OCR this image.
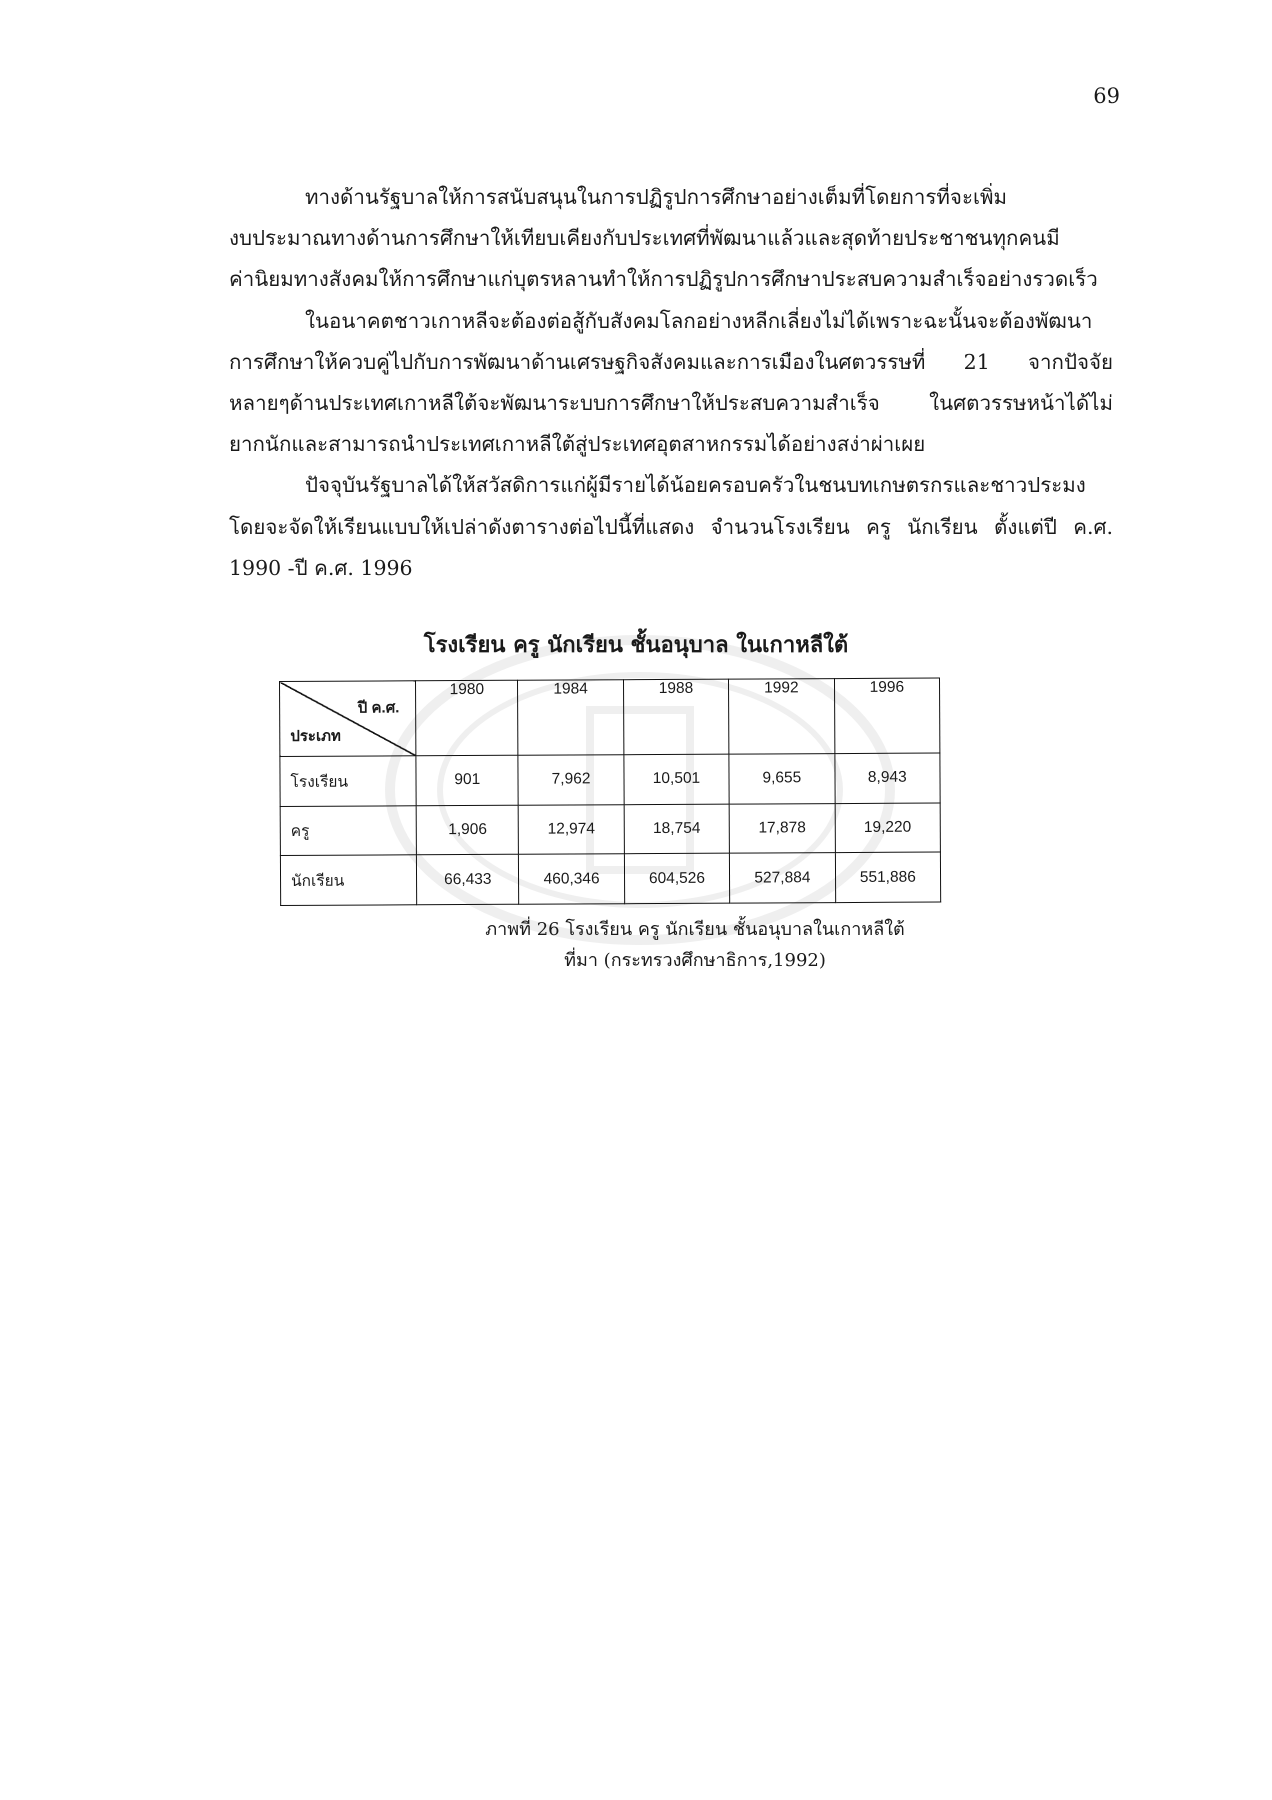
69

ทางด้านรัฐบาลให้การสนับสนุนในการปฏิรูปการศึกษาอย่างเต็มที่โดยการที่จะเพิ่ม

งบประมาณทางด้านการศึกษาให้เทียบเคียงกับประเทศที่พัฒนาแล้วและสุดท้ายประชาชนทุกคนมี

ค่านิยมทางสังคมให้การศึกษาแก่บุตรหลานทำให้การปฏิรูปการศึกษาประสบความสำเร็จอย่างรวดเร็ว

ในอนาคตชาวเกาหลีจะต้องต่อสู้กับสังคมโลกอย่างหลีกเลี่ยงไม่ได้เพราะฉะนั้นจะต้องพัฒนา

การศึกษาให้ควบคู่ไปกับการพัฒนาด้านเศรษฐกิจสังคมและการเมืองในศตวรรษที่ 21 จากปัจจัย

หลายๆด้านประเทศเกาหลีใต้จะพัฒนาระบบการศึกษาให้ประสบความสำเร็จ ในศตวรรษหน้าได้ไม่

ยากนักและสามารถนำประเทศเกาหลีใต้สู่ประเทศอุตสาหกรรมได้อย่างสง่าผ่าเผย

ปัจจุบันรัฐบาลได้ให้สวัสดิการแก่ผู้มีรายได้น้อยครอบครัวในชนบทเกษตรกรและชาวประมง

โดยจะจัดให้เรียนแบบให้เปล่าดังตารางต่อไปนี้ที่แสดง จำนวนโรงเรียน ครู นักเรียน ตั้งแต่ปี ค.ศ.

1990 -ปี ค.ศ. 1996

โรงเรียน ครู นักเรียน ชั้นอนุบาล ในเกาหลีใต้
ปี ค.ศ.
ประเภท	1980	1984	1988	1992	1996
โรงเรียน	901	7,962	10,501	9,655	8,943
ครู	1,906	12,974	18,754	17,878	19,220
นักเรียน	66,433	460,346	604,526	527,884	551,886
ภาพที่ 26 โรงเรียน ครู นักเรียน ชั้นอนุบาลในเกาหลีใต้
ที่มา (กระทรวงศึกษาธิการ,1992)
